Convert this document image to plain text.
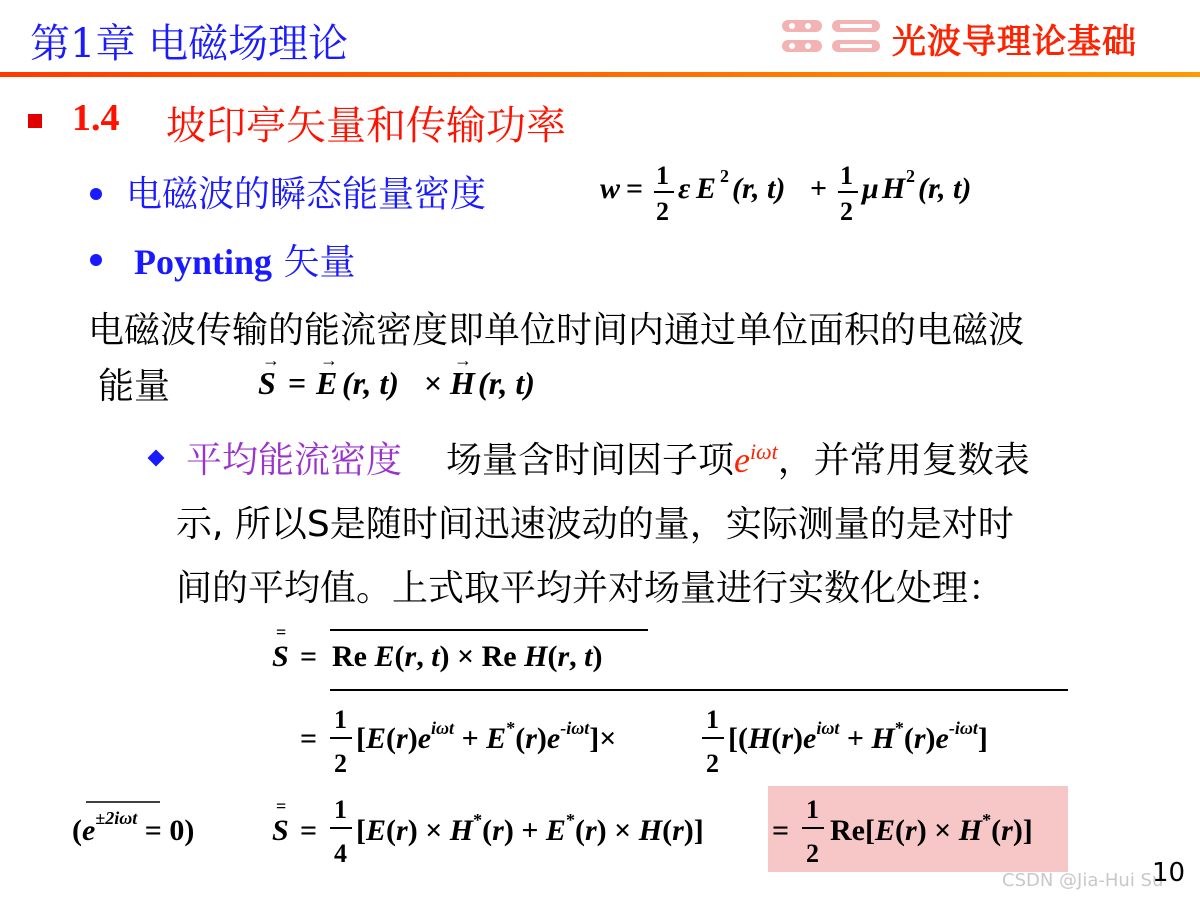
第1章 电磁场理论	光波导理论基础
1.4 坡印亭矢量和传输功率
电磁波的瞬态能量密度	w = 1
2
ε E 2 (r, t) + 1
2
μ H 2 (r, t)
Poynting 矢量
电磁波传输的能流密度即单位时间内通过单位面积的电磁波
能量	S
→
= E
→
(r, t) × H
→
(r, t)
平均能流密度 场量含时间因子项$e^{i\omega t}$，并常用复数表
示, 所以S是随时间迅速波动的量，实际测量的是对时
间的平均值。上式取平均并对场量进行实数化处理：
S
=
= Re E(r, t) × Re H(r, t)
=
1
2
$[E(r)e^{i\omega t} + E^*(r)e^{-i\omega t}]\times$
1
2
[$(H(r)e^{i\omega t} + H^*(r)e^{-i\omega t}]$
$(e^{\pm 2i\omega t} = 0)$	S
=
=
1
4
[E(r) × H*(r) + E*(r) × H(r)] =
1
2
Re[E(r) × H*(r)]
CSDN @Jia-Hui Su
10
